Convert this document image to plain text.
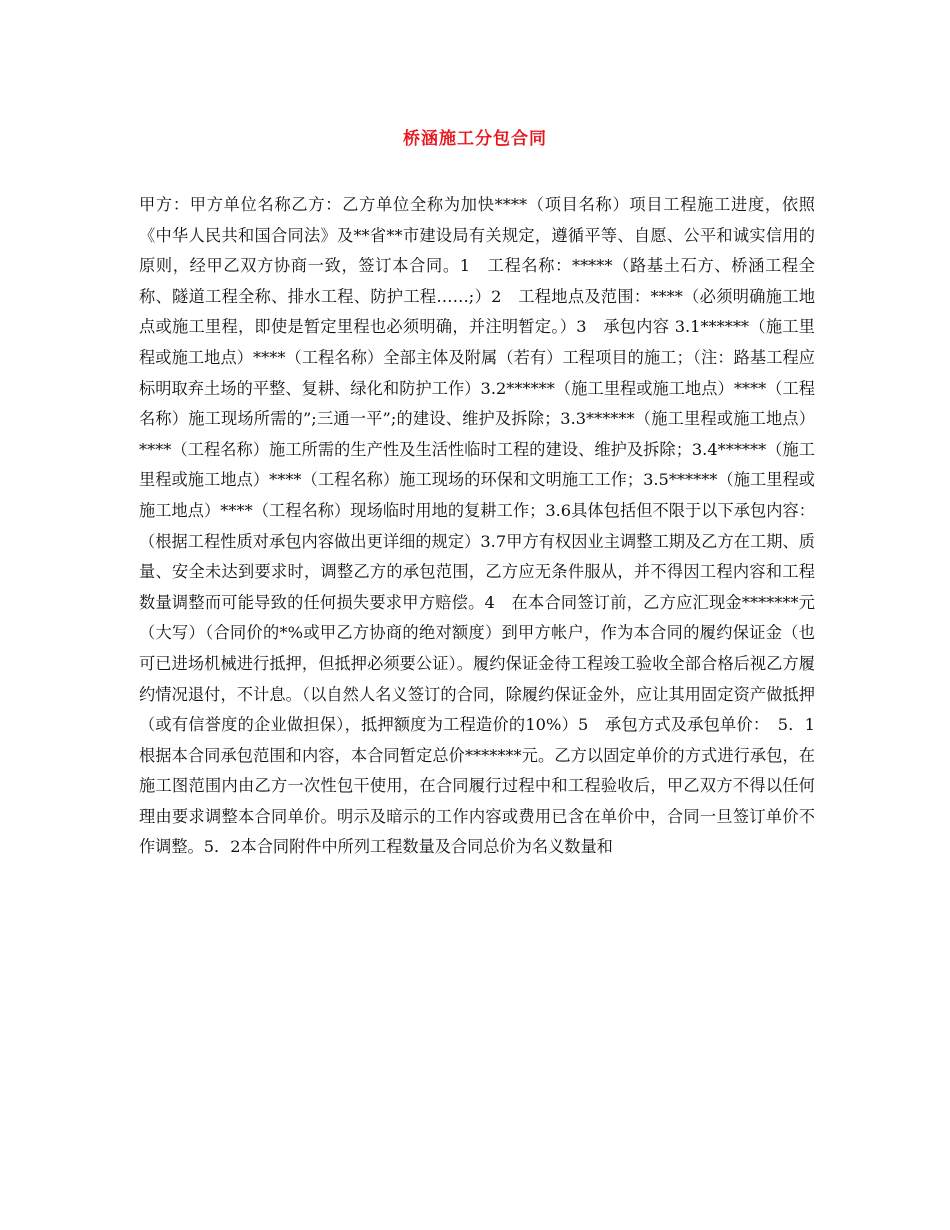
桥涵施工分包合同

甲方：甲方单位名称乙方：乙方单位全称为加快****（项目名称）项目工程施工进度，依照《中华人民共和国合同法》及**省**市建设局有关规定，遵循平等、自愿、公平和诚实信用的原则，经甲乙双方协商一致，签订本合同。1　工程名称：*****（路基土石方、桥涵工程全称、隧道工程全称、排水工程、防护工程……;）2　工程地点及范围：****（必须明确施工地点或施工里程，即使是暂定里程也必须明确，并注明暂定。）3　承包内容 3.1******（施工里程或施工地点）****（工程名称）全部主体及附属（若有）工程项目的施工；（注：路基工程应标明取弃土场的平整、复耕、绿化和防护工作）3.2******（施工里程或施工地点）****（工程名称）施工现场所需的”;三通一平”;的建设、维护及拆除；3.3******（施工里程或施工地点）****（工程名称）施工所需的生产性及生活性临时工程的建设、维护及拆除；3.4******（施工里程或施工地点）****（工程名称）施工现场的环保和文明施工工作；3.5******（施工里程或施工地点）****（工程名称）现场临时用地的复耕工作；3.6具体包括但不限于以下承包内容：（根据工程性质对承包内容做出更详细的规定）3.7甲方有权因业主调整工期及乙方在工期、质量、安全未达到要求时，调整乙方的承包范围，乙方应无条件服从，并不得因工程内容和工程数量调整而可能导致的任何损失要求甲方赔偿。4　在本合同签订前，乙方应汇现金*******元（大写）（合同价的*%或甲乙方协商的绝对额度）到甲方帐户，作为本合同的履约保证金（也可已进场机械进行抵押，但抵押必须要公证）。履约保证金待工程竣工验收全部合格后视乙方履约情况退付，不计息。（以自然人名义签订的合同，除履约保证金外，应让其用固定资产做抵押（或有信誉度的企业做担保），抵押额度为工程造价的10%）5　承包方式及承包单价：　5．1根据本合同承包范围和内容，本合同暂定总价*******元。乙方以固定单价的方式进行承包，在施工图范围内由乙方一次性包干使用，在合同履行过程中和工程验收后，甲乙双方不得以任何理由要求调整本合同单价。明示及暗示的工作内容或费用已含在单价中，合同一旦签订单价不作调整。5．2本合同附件中所列工程数量及合同总价为名义数量和
